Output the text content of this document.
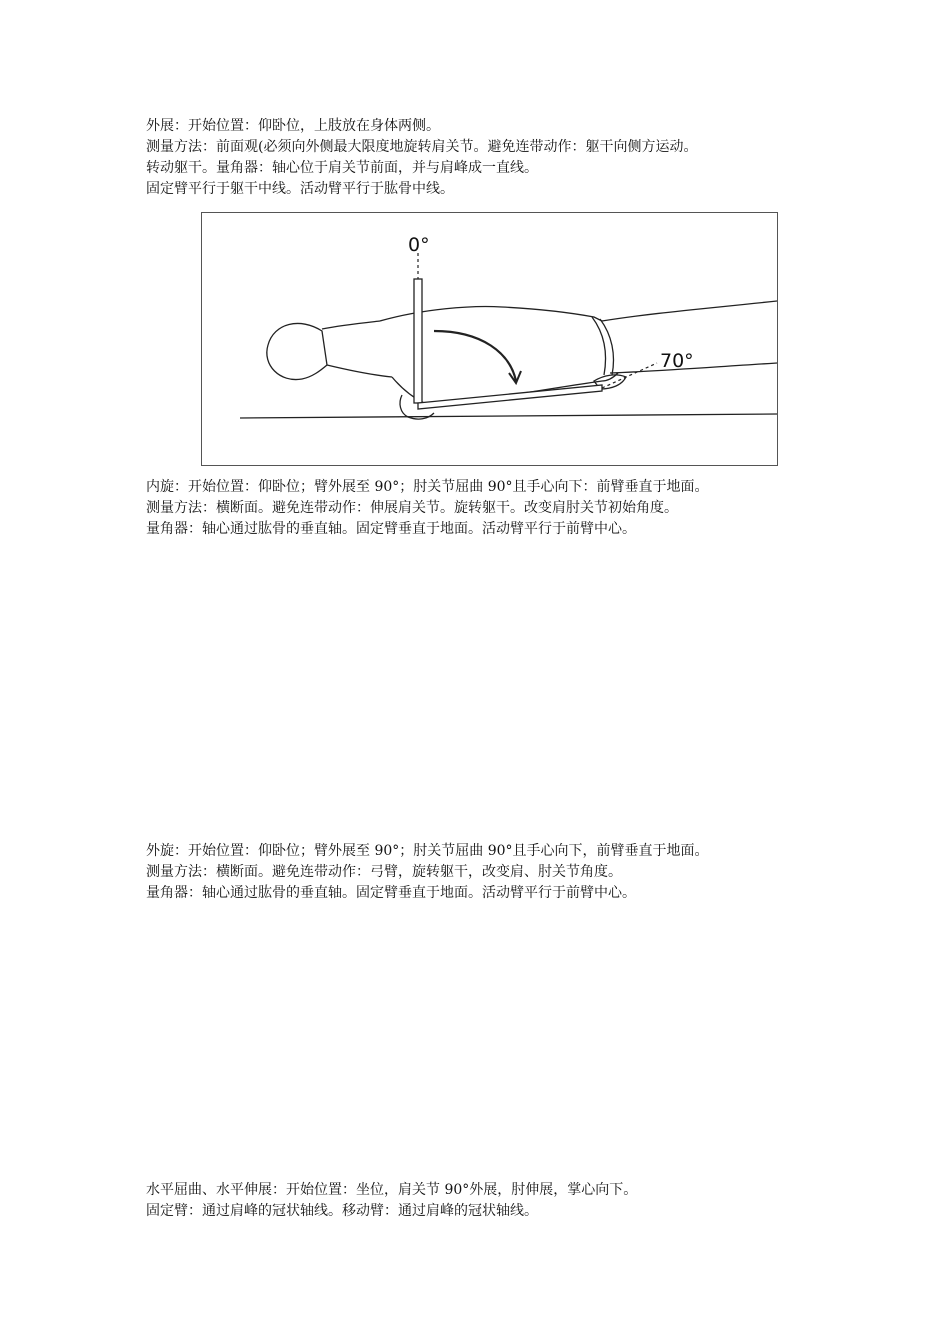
外展：开始位置：仰卧位，上肢放在身体两侧。
测量方法：前面观(必须向外侧最大限度地旋转肩关节。避免连带动作：躯干向侧方运动。
转动躯干。量角器：轴心位于肩关节前面，并与肩峰成一直线。
固定臂平行于躯干中线。活动臂平行于肱骨中线。
0°
70°
内旋：开始位置：仰卧位；臂外展至 90°；肘关节屈曲 90°且手心向下：前臂垂直于地面。
测量方法：横断面。避免连带动作：伸展肩关节。旋转躯干。改变肩肘关节初始角度。
量角器：轴心通过肱骨的垂直轴。固定臂垂直于地面。活动臂平行于前臂中心。
外旋：开始位置：仰卧位；臂外展至 90°；肘关节屈曲 90°且手心向下，前臂垂直于地面。
测量方法：横断面。避免连带动作：弓臂，旋转躯干，改变肩、肘关节角度。
量角器：轴心通过肱骨的垂直轴。固定臂垂直于地面。活动臂平行于前臂中心。
水平屈曲、水平伸展：开始位置：坐位，肩关节 90°外展，肘伸展，掌心向下。
固定臂：通过肩峰的冠状轴线。移动臂：通过肩峰的冠状轴线。
